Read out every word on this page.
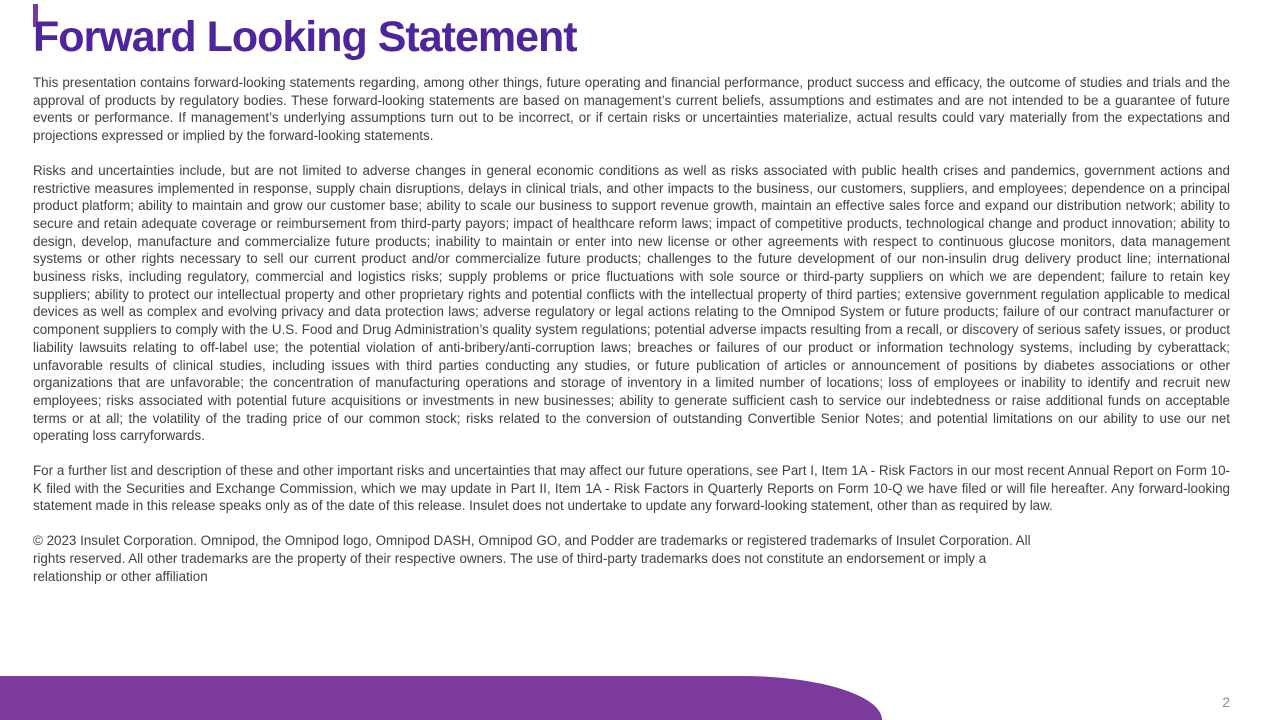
Forward Looking Statement

This presentation contains forward-looking statements regarding, among other things, future operating and financial performance, product success and efficacy, the outcome of studies and trials and the approval of products by regulatory bodies. These forward-looking statements are based on management’s current beliefs, assumptions and estimates and are not intended to be a guarantee of future events or performance. If management’s underlying assumptions turn out to be incorrect, or if certain risks or uncertainties materialize, actual results could vary materially from the expectations and projections expressed or implied by the forward-looking statements.

Risks and uncertainties include, but are not limited to adverse changes in general economic conditions as well as risks associated with public health crises and pandemics, government actions and restrictive measures implemented in response, supply chain disruptions, delays in clinical trials, and other impacts to the business, our customers, suppliers, and employees; dependence on a principal product platform; ability to maintain and grow our customer base; ability to scale our business to support revenue growth, maintain an effective sales force and expand our distribution network; ability to secure and retain adequate coverage or reimbursement from third-party payors; impact of healthcare reform laws; impact of competitive products, technological change and product innovation; ability to design, develop, manufacture and commercialize future products; inability to maintain or enter into new license or other agreements with respect to continuous glucose monitors, data management systems or other rights necessary to sell our current product and/or commercialize future products; challenges to the future development of our non-insulin drug delivery product line; international business risks, including regulatory, commercial and logistics risks; supply problems or price fluctuations with sole source or third-party suppliers on which we are dependent; failure to retain key suppliers; ability to protect our intellectual property and other proprietary rights and potential conflicts with the intellectual property of third parties; extensive government regulation applicable to medical devices as well as complex and evolving privacy and data protection laws; adverse regulatory or legal actions relating to the Omnipod System or future products; failure of our contract manufacturer or component suppliers to comply with the U.S. Food and Drug Administration’s quality system regulations; potential adverse impacts resulting from a recall, or discovery of serious safety issues, or product liability lawsuits relating to off-label use; the potential violation of anti-bribery/anti-corruption laws; breaches or failures of our product or information technology systems, including by cyberattack; unfavorable results of clinical studies, including issues with third parties conducting any studies, or future publication of articles or announcement of positions by diabetes associations or other organizations that are unfavorable; the concentration of manufacturing operations and storage of inventory in a limited number of locations; loss of employees or inability to identify and recruit new employees; risks associated with potential future acquisitions or investments in new businesses; ability to generate sufficient cash to service our indebtedness or raise additional funds on acceptable terms or at all; the volatility of the trading price of our common stock; risks related to the conversion of outstanding Convertible Senior Notes; and potential limitations on our ability to use our net operating loss carryforwards.

For a further list and description of these and other important risks and uncertainties that may affect our future operations, see Part I, Item 1A - Risk Factors in our most recent Annual Report on Form 10-K filed with the Securities and Exchange Commission, which we may update in Part II, Item 1A - Risk Factors in Quarterly Reports on Form 10-Q we have filed or will file hereafter. Any forward-looking statement made in this release speaks only as of the date of this release. Insulet does not undertake to update any forward-looking statement, other than as required by law.

© 2023 Insulet Corporation. Omnipod, the Omnipod logo, Omnipod DASH, Omnipod GO, and Podder are trademarks or registered trademarks of Insulet Corporation. All
rights reserved. All other trademarks are the property of their respective owners. The use of third-party trademarks does not constitute an endorsement or imply a
relationship or other affiliation

2
